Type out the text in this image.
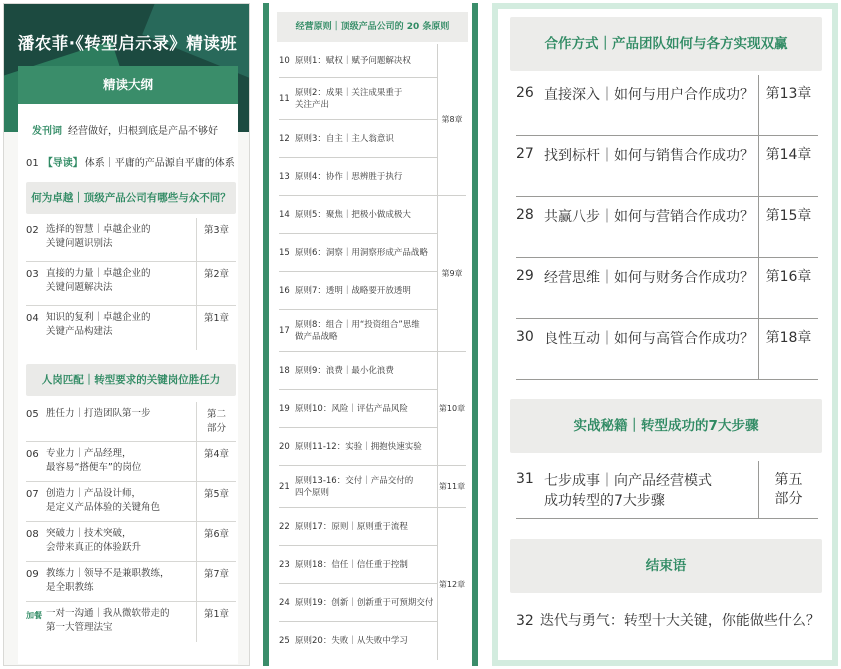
潘农菲·《转型启示录》精读班
精读大纲
发刊词 经营做好，归根到底是产品不够好
01 【导读】 体系｜平庸的产品源自平庸的体系
何为卓越｜顶级产品公司有哪些与众不同？
02 选择的智慧｜卓越企业的
关键问题识别法
第3章
03 直接的力量｜卓越企业的
关键问题解决法
第2章
04 知识的复利｜卓越企业的
关键产品构建法
第1章
人岗匹配｜转型要求的关键岗位胜任力
05 胜任力｜打造团队第一步	第二
部分
06 专业力｜产品经理，
最容易“搭便车”的岗位
第4章
07 创造力｜产品设计师，
是定义产品体验的关键角色
第5章
08 突破力｜技术突破，
会带来真正的体验跃升
第6章
09 教练力｜领导不是兼职教练，
是全职教练
第7章
加餐 一对一沟通｜我从微软带走的
第一大管理法宝
第1章
经营原则｜顶级产品公司的 20 条原则
10 原则1：赋权｜赋予问题解决权
11
原则2：成果｜关注成果重于
关注产出
12 原则3：自主｜主人翁意识
13 原则4：协作｜思辨胜于执行
14 原则5：聚焦｜把极小做成极大
15 原则6：洞察｜用洞察形成产品战略
16 原则7：透明｜战略要开放透明
17
原则8：组合｜用“投资组合”思维
做产品战略
18 原则9：浪费｜最小化浪费
19 原则10：风险｜评估产品风险
20 原则11-12：实验｜拥抱快速实验
21
原则13-16：交付｜产品交付的
四个原则
22 原则17：原则｜原则重于流程
23 原则18：信任｜信任重于控制
24 原则19：创新｜创新重于可预期交付
25 原则20：失败｜从失败中学习
第8章
第9章
第10章
第11章
第12章
合作方式｜产品团队如何与各方实现双赢
26 直接深入｜如何与用户合作成功？ 第13章
27 找到标杆｜如何与销售合作成功？ 第14章
28 共赢八步｜如何与营销合作成功？ 第15章
29 经营思维｜如何与财务合作成功？ 第16章
30 良性互动｜如何与高管合作成功？ 第18章
实战秘籍｜转型成功的7大步骤
31 七步成事｜向产品经营模式
成功转型的7大步骤
第五
部分
结束语
32 迭代与勇气：转型十大关键，你能做些什么？
